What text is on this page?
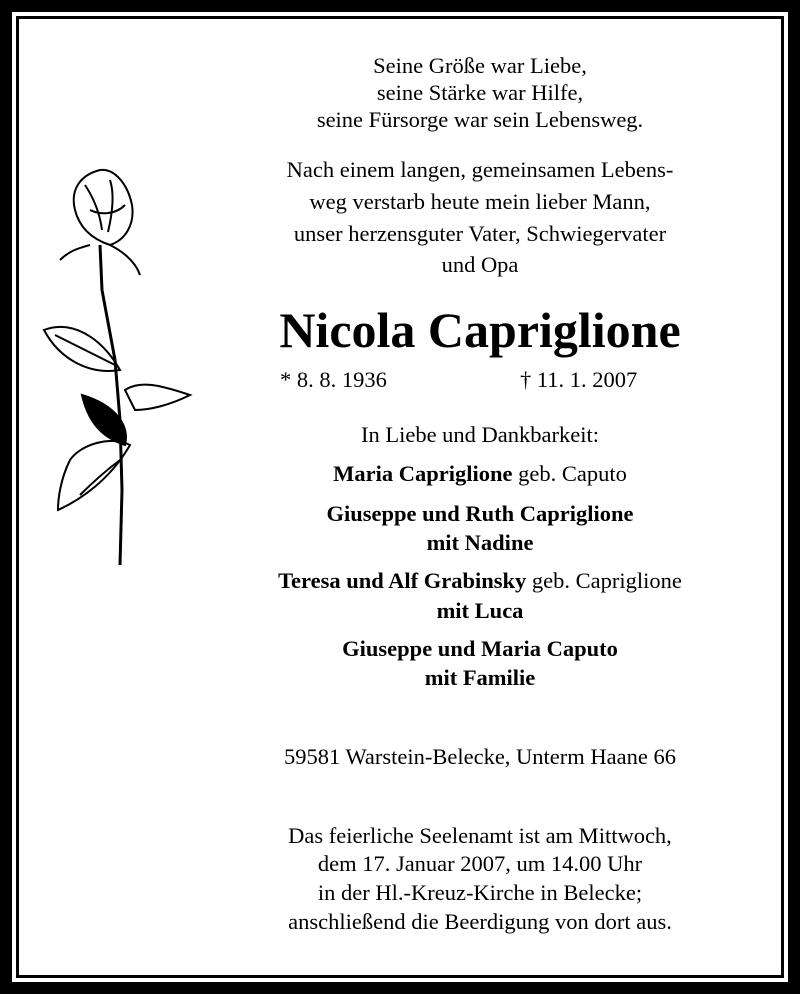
Seine Größe war Liebe,
seine Stärke war Hilfe,
seine Fürsorge war sein Lebensweg.
Nach einem langen, gemeinsamen Lebens-
weg verstarb heute mein lieber Mann,
unser herzensguter Vater, Schwiegervater
und Opa
Nicola Capriglione
* 8. 8. 1936	† 11. 1. 2007
In Liebe und Dankbarkeit:
Maria Capriglione geb. Caputo
Giuseppe und Ruth Capriglione
mit Nadine
Teresa und Alf Grabinsky geb. Capriglione
mit Luca
Giuseppe und Maria Caputo
mit Familie
59581 Warstein-Belecke, Unterm Haane 66
Das feierliche Seelenamt ist am Mittwoch,
dem 17. Januar 2007, um 14.00 Uhr
in der Hl.-Kreuz-Kirche in Belecke;
anschließend die Beerdigung von dort aus.
